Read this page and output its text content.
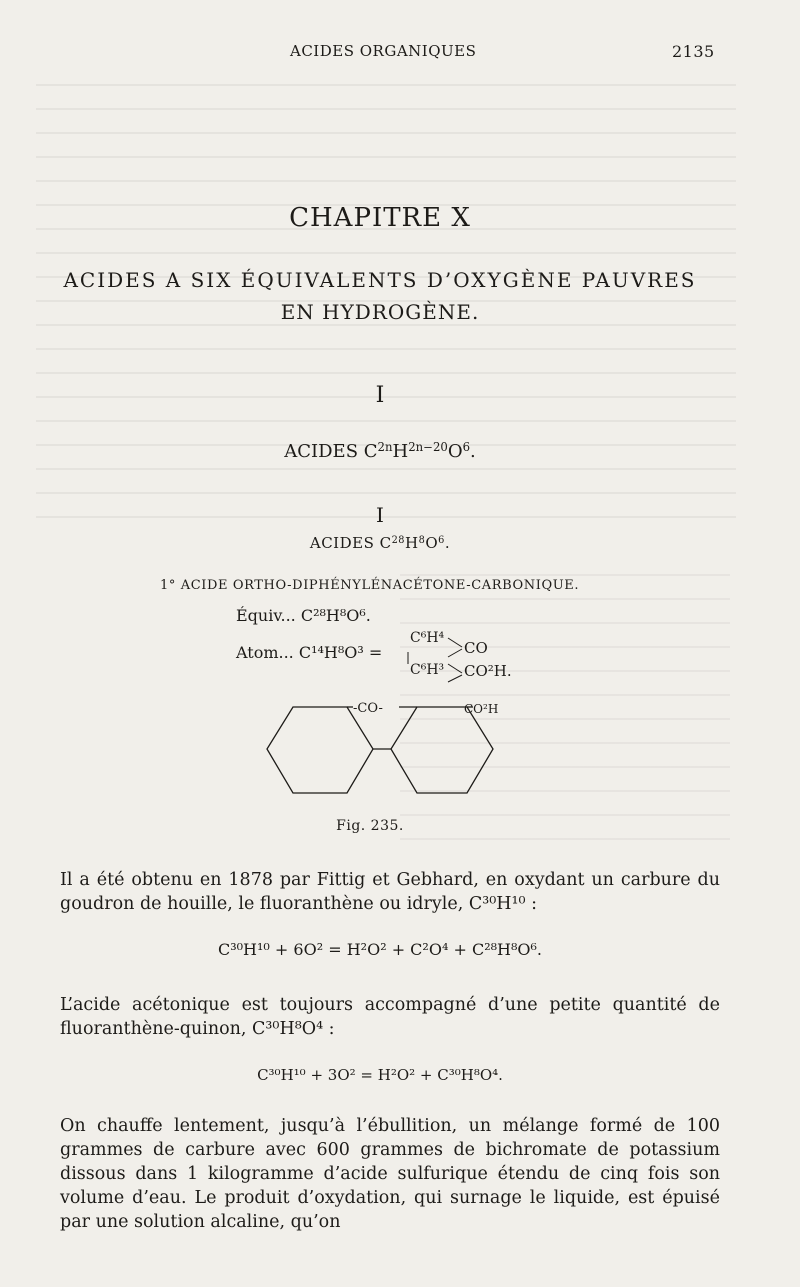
ACIDES ORGANIQUES	2135
CHAPITRE X
ACIDES A SIX ÉQUIVALENTS D’OXYGÈNE PAUVRES
EN HYDROGÈNE.
I
ACIDES $C^{2n}H^{2n-20}O^6$.
I
ACIDES $C^{28}H^8O^6$.
1° ACIDE ORTHO-DIPHÉNYLÉNACÉTONE-CARBONIQUE.
Équiv... C²⁸H⁸O⁶.
Atom... C¹⁴H⁸O³ =
C⁶H⁴
CO
C⁶H³ CO²H.
-CO-	CO²H
Fig. 235.
Il a été obtenu en 1878 par Fittig et Gebhard, en oxydant un carbure du goudron de houille, le fluoranthène ou idryle, C³⁰H¹⁰ :
C³⁰H¹⁰ + 6O² = H²O² + C²O⁴ + C²⁸H⁸O⁶.
L’acide acétonique est toujours accompagné d’une petite quantité de fluoranthène-quinon, C³⁰H⁸O⁴ :
C³⁰H¹⁰ + 3O² = H²O² + C³⁰H⁸O⁴.
On chauffe lentement, jusqu’à l’ébullition, un mélange formé de 100 grammes de carbure avec 600 grammes de bichromate de potassium dissous dans 1 kilogramme d’acide sulfurique étendu de cinq fois son volume d’eau. Le produit d’oxydation, qui surnage le liquide, est épuisé par une solution alcaline, qu’on
